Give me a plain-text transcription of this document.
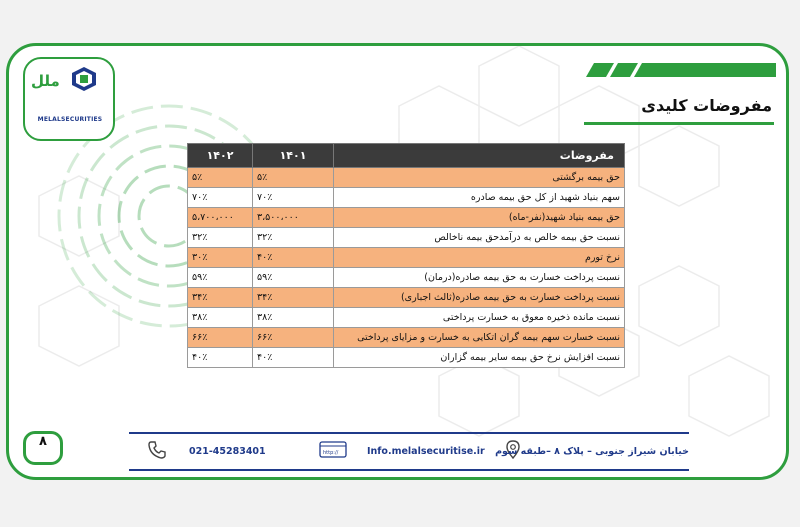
ملل
MELALSECURITIES
مفروضات کلیدی
مفروضات	۱۴۰۱	۱۴۰۲
حق بیمه برگشتی	۵٪	۵٪
سهم بنیاد شهید از کل حق بیمه صادره	۷۰٪	۷۰٪
حق بیمه بنیاد شهید(نفر-ماه)	۳،۵۰۰،۰۰۰	۵،۷۰۰،۰۰۰
نسبت حق بیمه خالص به درآمدحق بیمه ناخالص	۳۲٪	۳۲٪
نرخ تورم	۴۰٪	۳۰٪
نسبت پرداخت خسارت به حق بیمه صادره(درمان)	۵۹٪	۵۹٪
نسبت پرداخت خسارت به حق بیمه صادره(ثالث اجباری)	۳۴٪	۳۴٪
نسبت مانده ذخیره معوق به خسارت پرداختی	۳۸٪	۳۸٪
نسبت خسارت سهم بیمه گران اتکایی به خسارت و مزایای پرداختی	۶۶٪	۶۶٪
نسبت افزایش نرخ حق بیمه سایر بیمه گزاران	۴۰٪	۴۰٪
۸
021-45283401	http://	Info.melalsecuritise.ir خیابان شیراز جنوبی – پلاک ۸ –طبقه سوم
